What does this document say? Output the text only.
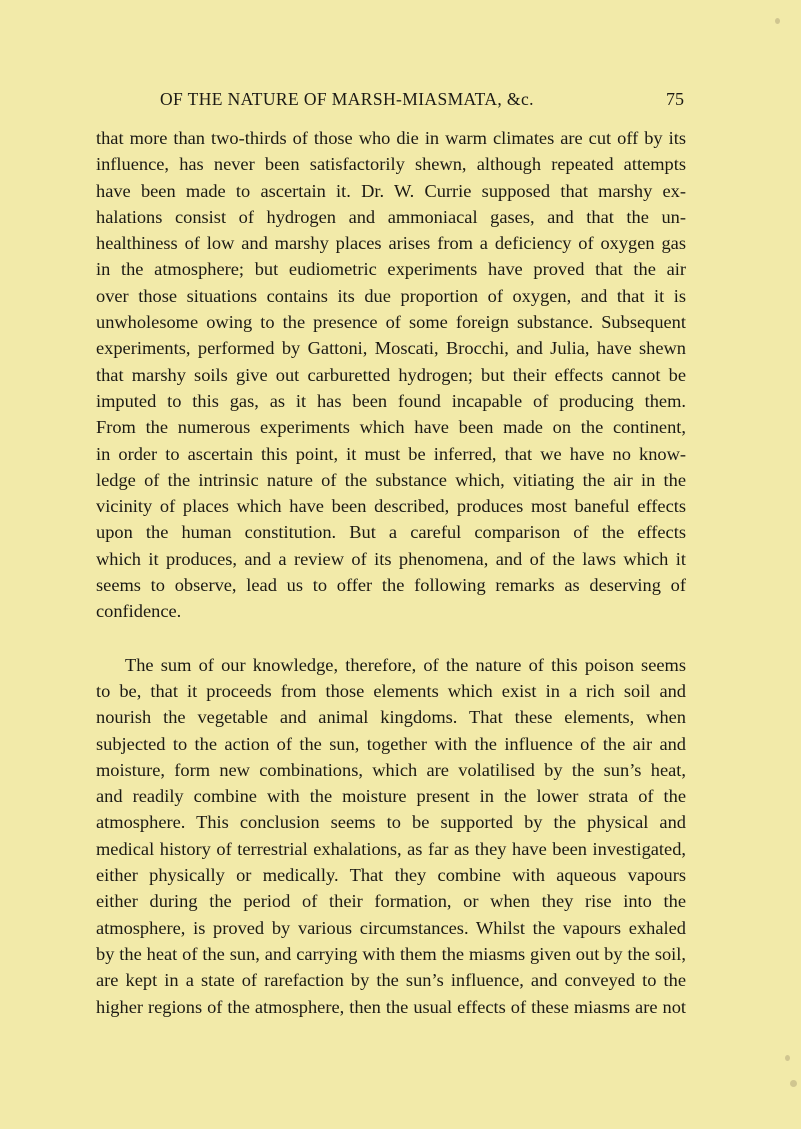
OF THE NATURE OF MARSH-MIASMATA, &c.	75
that more than two-thirds of those who die in warm climates are cut off by its
influence, has never been satisfactorily shewn, although repeated attempts
have been made to ascertain it. Dr. W. Currie supposed that marshy ex-
halations consist of hydrogen and ammoniacal gases, and that the un-
healthiness of low and marshy places arises from a deficiency of oxygen gas
in the atmosphere; but eudiometric experiments have proved that the air
over those situations contains its due proportion of oxygen, and that it is
unwholesome owing to the presence of some foreign substance. Subsequent
experiments, performed by Gattoni, Moscati, Brocchi, and Julia, have shewn
that marshy soils give out carburetted hydrogen; but their effects cannot be
imputed to this gas, as it has been found incapable of producing them.
From the numerous experiments which have been made on the continent,
in order to ascertain this point, it must be inferred, that we have no know-
ledge of the intrinsic nature of the substance which, vitiating the air in the
vicinity of places which have been described, produces most baneful effects
upon the human constitution. But a careful comparison of the effects
which it produces, and a review of its phenomena, and of the laws which it
seems to observe, lead us to offer the following remarks as deserving of
confidence.
The sum of our knowledge, therefore, of the nature of this poison seems
to be, that it proceeds from those elements which exist in a rich soil and
nourish the vegetable and animal kingdoms. That these elements, when
subjected to the action of the sun, together with the influence of the air and
moisture, form new combinations, which are volatilised by the sun’s heat,
and readily combine with the moisture present in the lower strata of the
atmosphere. This conclusion seems to be supported by the physical and
medical history of terrestrial exhalations, as far as they have been investigated,
either physically or medically. That they combine with aqueous vapours
either during the period of their formation, or when they rise into the
atmosphere, is proved by various circumstances. Whilst the vapours exhaled
by the heat of the sun, and carrying with them the miasms given out by the soil,
are kept in a state of rarefaction by the sun’s influence, and conveyed to the
higher regions of the atmosphere, then the usual effects of these miasms are not
